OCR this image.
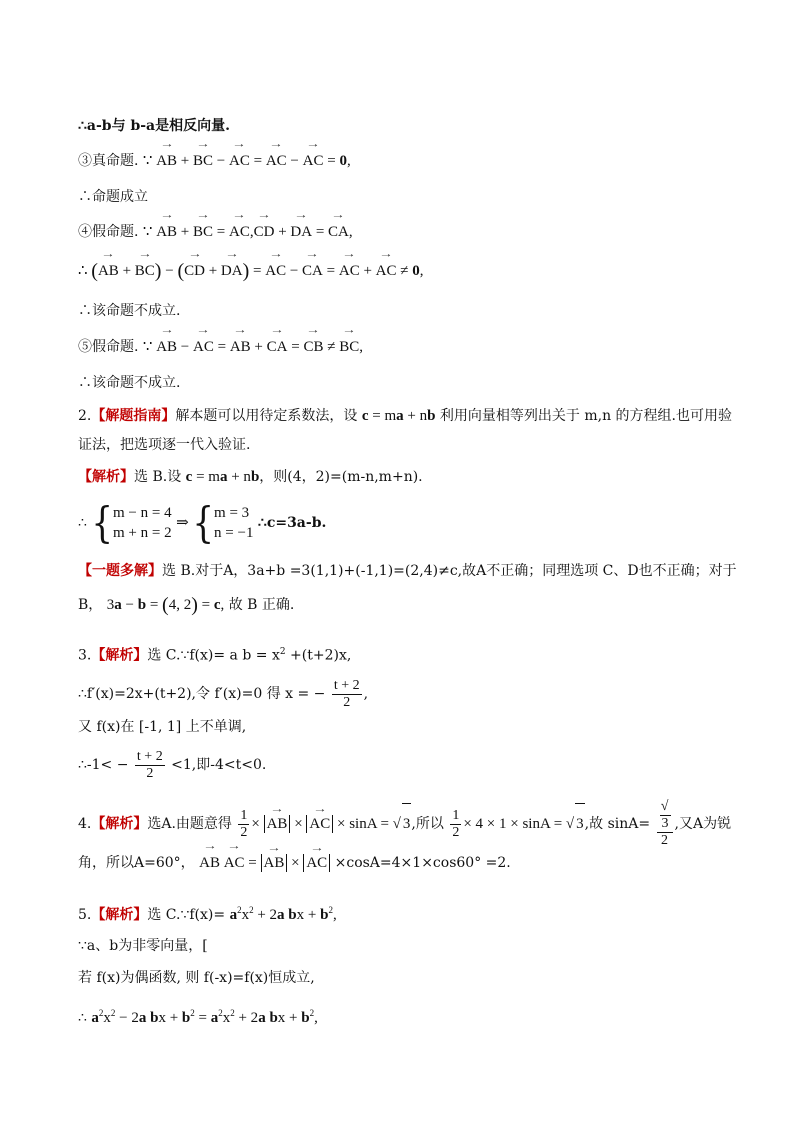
∴a-b与 b-a是相反向量.
③真命题. ∵ → AB + → BC − → AC = → AC − → AC = 0,
∴命题成立
④假命题. ∵ → AB + → BC = → AC,→ CD + → DA = → CA,
∴ (→ AB + → BC) − (→ CD + → DA) = → AC − → CA = → AC + → AC ≠ 0,
∴该命题不成立.
⑤假命题. ∵ → AB − → AC = → AB + → CA = → CB ≠ → BC,
∴该命题不成立.
2.【解题指南】解本题可以用待定系数法，设 c = ma + nb 利用向量相等列出关于 m,n 的方程组.也可用验
证法，把选项逐一代入验证.
【解析】选 B.设 c = ma + nb，则(4，2)=(m-n,m+n).
∴ {m − n = 4
m + n = 2 ⇒ {m = 3
n = −1 ∴c=3a-b.
【一题多解】选 B.对于A，3a+b =3(1,1)+(-1,1)=(2,4)≠c,故A不正确；同理选项 C、D也不正确；对于
B， 3a − b = (4, 2) = c, 故 B 正确.
3.【解析】选 C.∵f(x)= a $b = x^2 +(t+2)x$,
∴f′(x)=2x+(t+2),令 f′(x)=0 得 x = − $\frac{t + 2}{2}$ ,
又 f(x)在 [-1, 1] 上不单调,
∴-1< − $\frac{t + 2}{2} <1$,即-4<t<0.
4.【解析】选A.由题意得 $\frac{1}{2}$ × → AB × → AC × sinA = √ 3,所以 $\frac{1}{2} \times 4 \times 1 \times \sin A$ = √ 3,故 sinA= √
3
2 ,又A为锐
角，所以A=60°， → AB → AC = → AB × → AC ×cosA=4×1×cos60° =2.
5.【解析】选 C.∵f(x)= $a^2x^2 + 2a$ bx + $b^2$,
∵a、b为非零向量，[
若 f(x)为偶函数, 则 f(-x)=f(x)恒成立,
∴ $a^2x^2 - 2a$ bx + $b^2 = a^2x^2 + 2a$ bx + $b^2$,
